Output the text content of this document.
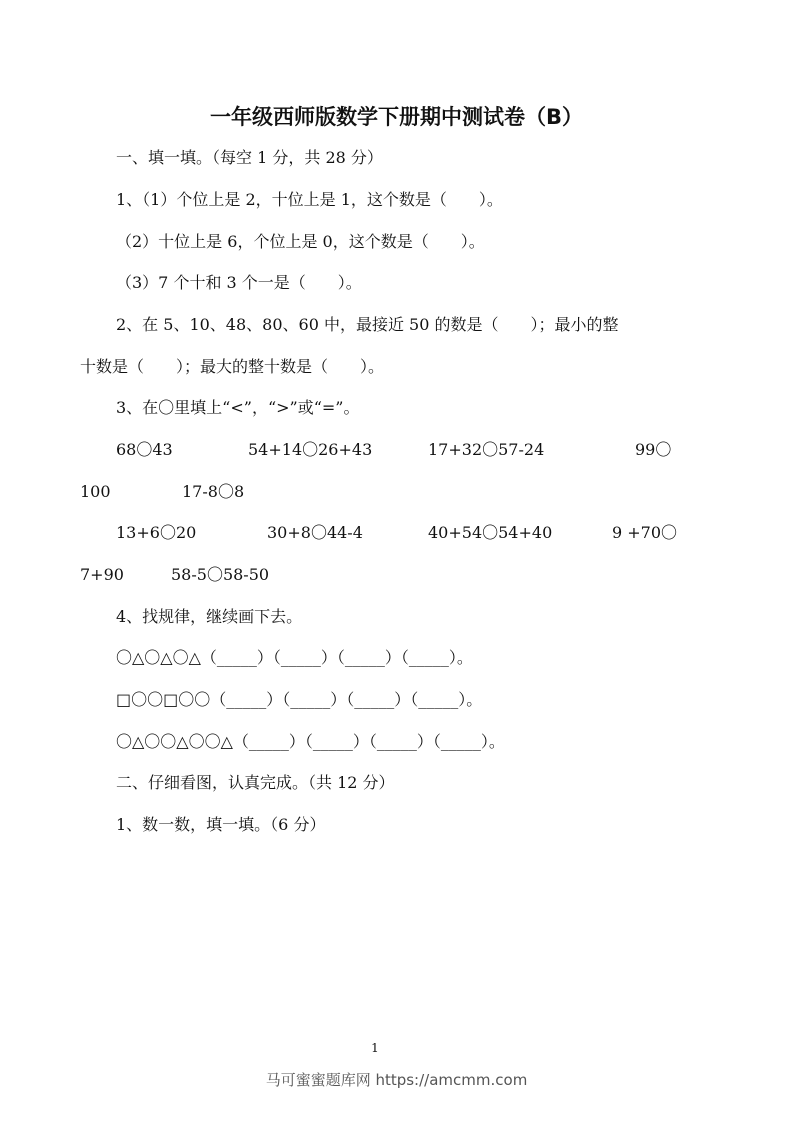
一年级西师版数学下册期中测试卷（B）
一、填一填。（每空 1 分，共 28 分）
1、（1）个位上是 2，十位上是 1，这个数是（　　）。
（2）十位上是 6，个位上是 0，这个数是（　　）。
（3）7 个十和 3 个一是（　　）。
2、在 5、10、48、80、60 中，最接近 50 的数是（　　）；最小的整
十数是（　　）；最大的整十数是（　　）。
3、在〇里填上“<”，“>”或“=”。
68〇43	54+14〇26+43	17+32〇57-24	99〇
100	17-8〇8
13+6〇20	30+8〇44-4	40+54〇54+40	9 +70〇
7+90	58-5〇58-50
4、找规律，继续画下去。
〇△〇△〇△（_____）（_____）（_____）（_____）。
□〇〇□〇〇（_____）（_____）（_____）（_____）。
〇△〇〇△〇〇△（_____）（_____）（_____）（_____）。
二、仔细看图，认真完成。（共 12 分）
1、数一数，填一填。（6 分）
1
马可蜜蜜题库网 https://amcmm.com
